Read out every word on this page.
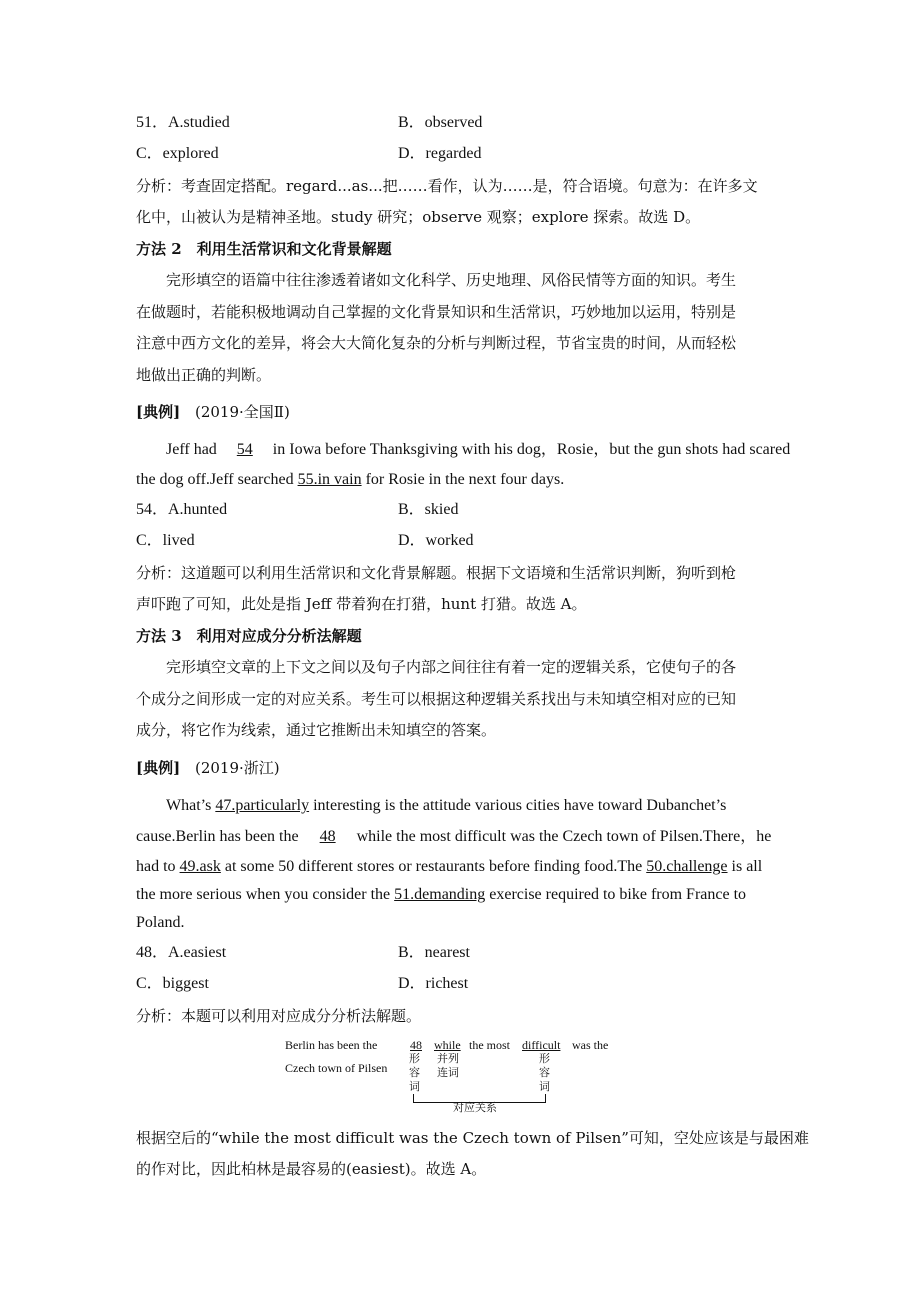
51．A.studied	B．observed
C．explored	D．regarded
分析：考查固定搭配。regard...as...把……看作，认为……是，符合语境。句意为：在许多文
化中，山被认为是精神圣地。study 研究；observe 观察；explore 探索。故选 D。
方法 2　利用生活常识和文化背景解题
完形填空的语篇中往往渗透着诸如文化科学、历史地理、风俗民情等方面的知识。考生
在做题时，若能积极地调动自己掌握的文化背景知识和生活常识，巧妙地加以运用，特别是
注意中西方文化的差异，将会大大简化复杂的分析与判断过程，节省宝贵的时间，从而轻松
地做出正确的判断。
[典例] (2019·全国Ⅱ)
Jeff had 54 in Iowa before Thanksgiving with his dog，Rosie，but the gun shots had scared
the dog off.Jeff searched 55.in vain for Rosie in the next four days.
54．A.hunted	B．skied
C．lived	D．worked
分析：这道题可以利用生活常识和文化背景解题。根据下文语境和生活常识判断，狗听到枪
声吓跑了可知，此处是指 Jeff 带着狗在打猎，hunt 打猎。故选 A。
方法 3　利用对应成分分析法解题
完形填空文章的上下文之间以及句子内部之间往往有着一定的逻辑关系，它使句子的各
个成分之间形成一定的对应关系。考生可以根据这种逻辑关系找出与未知填空相对应的已知
成分，将它作为线索，通过它推断出未知填空的答案。
[典例] (2019·浙江)
What’s 47.particularly interesting is the attitude various cities have toward Dubanchet’s
cause.Berlin has been the 48 while the most difficult was the Czech town of Pilsen.There，he
had to 49.ask at some 50 different stores or restaurants before finding food.The 50.challenge is all
the more serious when you consider the 51.demanding exercise required to bike from France to
Poland.
48．A.easiest	B．nearest
C．biggest	D．richest
分析：本题可以利用对应成分分析法解题。
Berlin has been the	48	while the most difficult was the
Czech town of Pilsen
形
容
词
并列
连词
形
容
词
对应关系
根据空后的“while the most difficult was the Czech town of Pilsen”可知，空处应该是与最困难
的作对比，因此柏林是最容易的(easiest)。故选 A。
